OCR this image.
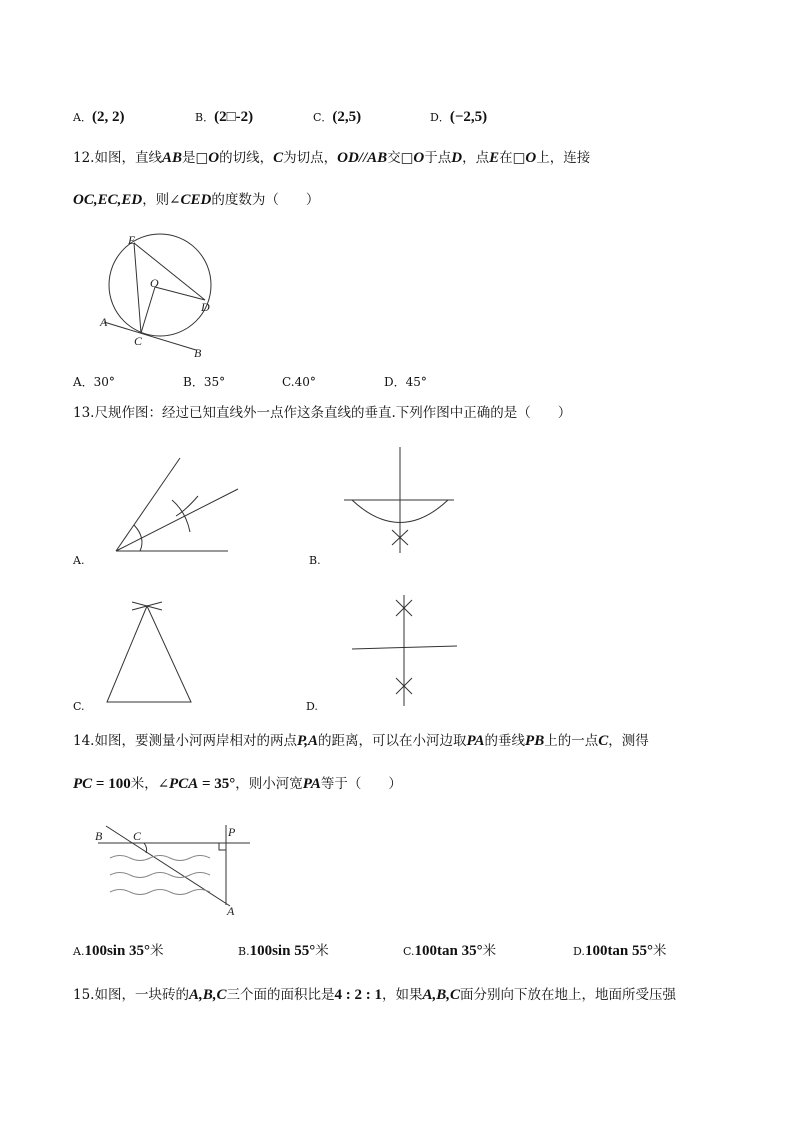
A．(2, 2)	B．(2□-2)	C．(2,5)	D．(−2,5)
12.如图，直线AB是□O的切线，C为切点，OD//AB交□O于点D，点E在□O上，连接
OC,EC,ED，则∠CED的度数为（　　）
E
O
D
A
C
B
B	C	P
A
A．30°	B．35°	C.40°	D．45°
13.尺规作图：经过已知直线外一点作这条直线的垂直.下列作图中正确的是（　　）
A.	B.
C.	D.
14.如图，要测量小河两岸相对的两点P,A的距离，可以在小河边取PA的垂线PB上的一点C，测得
PC = 100米，∠PCA = 35°，则小河宽PA等于（　　）
A.100sin 35°米	B.100sin 55°米	C.100tan 35°米	D.100tan 55°米
15.如图，一块砖的A,B,C三个面的面积比是4 : 2 : 1，如果A,B,C面分别向下放在地上，地面所受压强
